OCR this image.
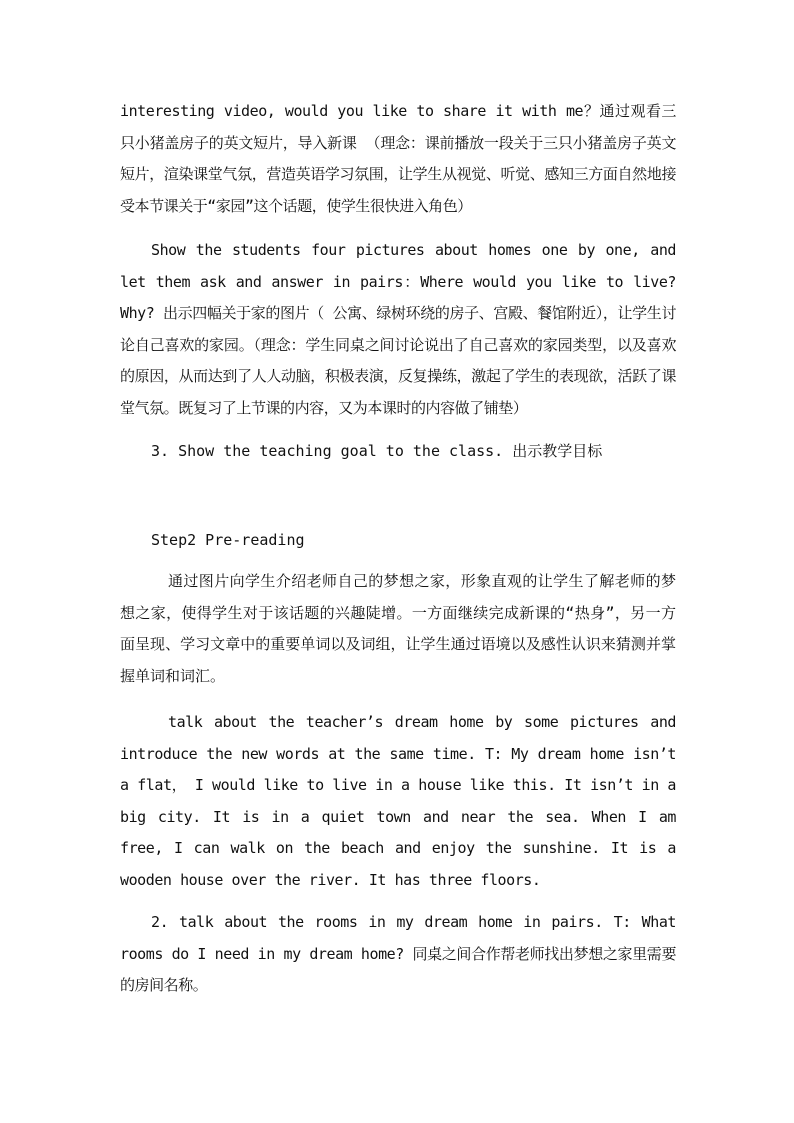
interesting video, would you like to share it with me？通过观看三只小猪盖房子的英文短片，导入新课 （理念：课前播放一段关于三只小猪盖房子英文短片，渲染课堂气氛，营造英语学习氛围，让学生从视觉、听觉、感知三方面自然地接受本节课关于“家园”这个话题，使学生很快进入角色）

Show the students four pictures about homes one by one, and let them ask and answer in pairs：Where would you like to live? Why? 出示四幅关于家的图片（ 公寓、绿树环绕的房子、宫殿、餐馆附近），让学生讨论自己喜欢的家园。（理念：学生同桌之间讨论说出了自己喜欢的家园类型，以及喜欢的原因，从而达到了人人动脑，积极表演，反复操练，激起了学生的表现欲，活跃了课堂气氛。既复习了上节课的内容，又为本课时的内容做了铺垫）

3. Show the teaching goal to the class. 出示教学目标

Step2 Pre-reading

通过图片向学生介绍老师自己的梦想之家，形象直观的让学生了解老师的梦想之家，使得学生对于该话题的兴趣陡增。一方面继续完成新课的“热身”，另一方面呈现、学习文章中的重要单词以及词组，让学生通过语境以及感性认识来猜测并掌握单词和词汇。

talk about the teacher’s dream home by some pictures and introduce the new words at the same time. T: My dream home isn’t a flat， I would like to live in a house like this. It isn’t in a big city. It is in a quiet town and near the sea. When I am free, I can walk on the beach and enjoy the sunshine. It is a wooden house over the river. It has three floors.

2. talk about the rooms in my dream home in pairs. T: What rooms do I need in my dream home? 同桌之间合作帮老师找出梦想之家里需要的房间名称。
